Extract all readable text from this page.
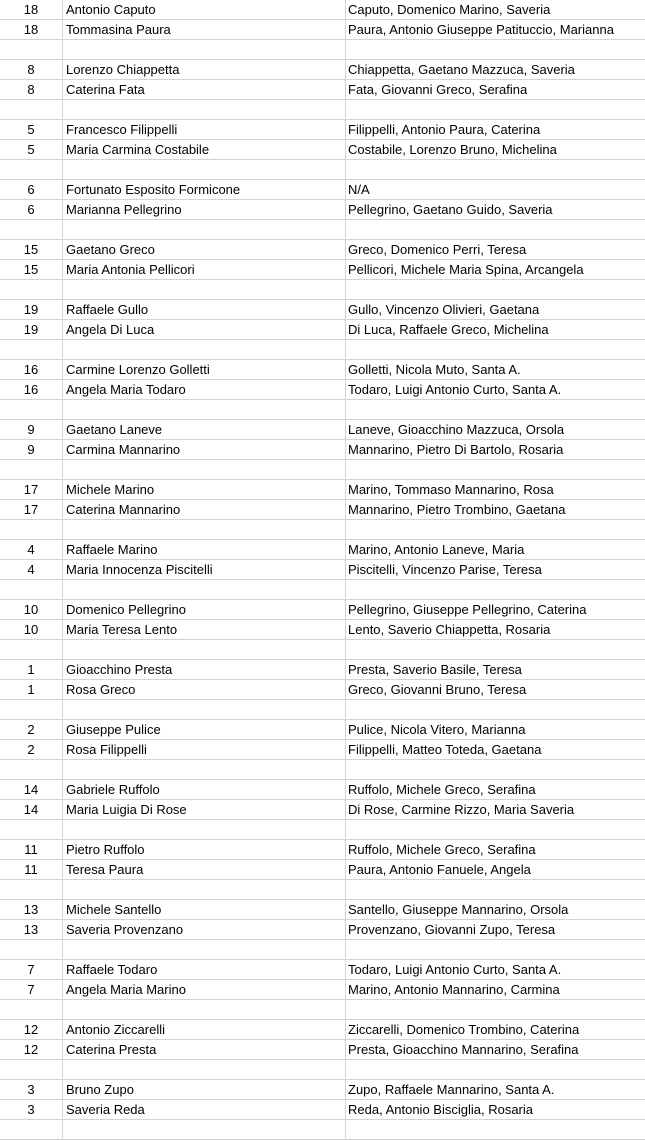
18	Antonio Caputo	Caputo, Domenico Marino, Saveria
18	Tommasina Paura	Paura, Antonio Giuseppe Patituccio, Marianna
8	Lorenzo Chiappetta	Chiappetta, Gaetano Mazzuca, Saveria
8	Caterina Fata	Fata, Giovanni Greco, Serafina
5	Francesco Filippelli	Filippelli, Antonio Paura, Caterina
5	Maria Carmina Costabile	Costabile, Lorenzo Bruno, Michelina
6	Fortunato Esposito Formicone	N/A
6	Marianna Pellegrino	Pellegrino, Gaetano Guido, Saveria
15	Gaetano Greco	Greco, Domenico Perri, Teresa
15	Maria Antonia Pellicori	Pellicori, Michele Maria Spina, Arcangela
19	Raffaele Gullo	Gullo, Vincenzo Olivieri, Gaetana
19	Angela Di Luca	Di Luca, Raffaele Greco, Michelina
16	Carmine Lorenzo Golletti	Golletti, Nicola Muto, Santa A.
16	Angela Maria Todaro	Todaro, Luigi Antonio Curto, Santa A.
9	Gaetano Laneve	Laneve, Gioacchino Mazzuca, Orsola
9	Carmina Mannarino	Mannarino, Pietro Di Bartolo, Rosaria
17	Michele Marino	Marino, Tommaso Mannarino, Rosa
17	Caterina Mannarino	Mannarino, Pietro Trombino, Gaetana
4	Raffaele Marino	Marino, Antonio Laneve, Maria
4	Maria Innocenza Piscitelli	Piscitelli, Vincenzo Parise, Teresa
10	Domenico Pellegrino	Pellegrino, Giuseppe Pellegrino, Caterina
10	Maria Teresa Lento	Lento, Saverio Chiappetta, Rosaria
1	Gioacchino Presta	Presta, Saverio Basile, Teresa
1	Rosa Greco	Greco, Giovanni Bruno, Teresa
2	Giuseppe Pulice	Pulice, Nicola Vitero, Marianna
2	Rosa Filippelli	Filippelli, Matteo Toteda, Gaetana
14	Gabriele Ruffolo	Ruffolo, Michele Greco, Serafina
14	Maria Luigia Di Rose	Di Rose, Carmine Rizzo, Maria Saveria
11	Pietro Ruffolo	Ruffolo, Michele Greco, Serafina
11	Teresa Paura	Paura, Antonio Fanuele, Angela
13	Michele Santello	Santello, Giuseppe Mannarino, Orsola
13	Saveria Provenzano	Provenzano, Giovanni Zupo, Teresa
7	Raffaele Todaro	Todaro, Luigi Antonio Curto, Santa A.
7	Angela Maria Marino	Marino, Antonio Mannarino, Carmina
12	Antonio Ziccarelli	Ziccarelli, Domenico Trombino, Caterina
12	Caterina Presta	Presta, Gioacchino Mannarino, Serafina
3	Bruno Zupo	Zupo, Raffaele Mannarino, Santa A.
3	Saveria Reda	Reda, Antonio Bisciglia, Rosaria
